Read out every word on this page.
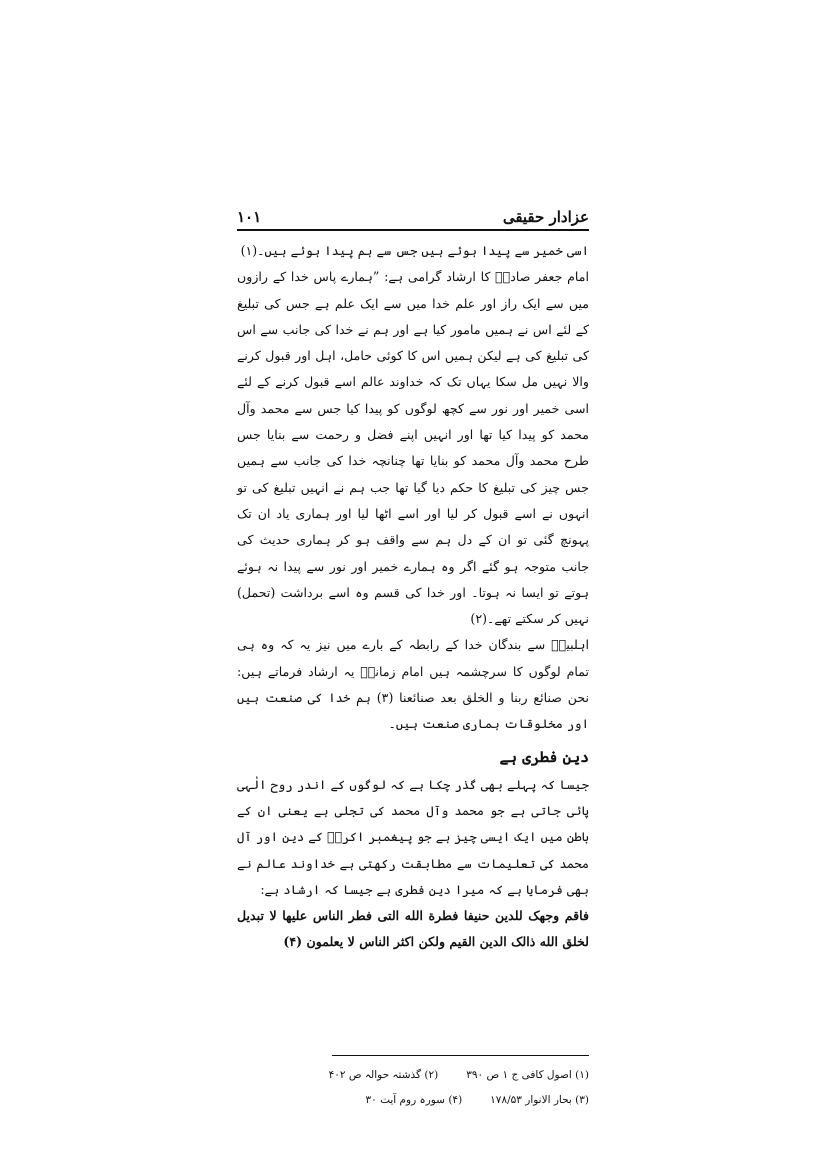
عزادار حقیقی
۱۰۱

اسی خمیر سے پیدا ہوئے ہیں جس سے ہم پیدا ہوئے ہیں۔(۱)

امام جعفر صادقؑ کا ارشاد گرامی ہے: ”ہمارے پاس خدا کے رازوں میں سے ایک راز اور علم خدا میں سے ایک علم ہے جس کی تبلیغ کے لئے اس نے ہمیں مامور کیا ہے اور ہم نے خدا کی جانب سے اس کی تبلیغ کی ہے لیکن ہمیں اس کا کوئی حامل، اہل اور قبول کرنے والا نہیں مل سکا یہاں تک کہ خداوند عالم اسے قبول کرنے کے لئے اسی خمیر اور نور سے کچھ لوگوں کو پیدا کیا جس سے محمد وآل محمد کو پیدا کیا تھا اور انہیں اپنے فضل و رحمت سے بنایا جس طرح محمد وآل محمد کو بنایا تھا چنانچہ خدا کی جانب سے ہمیں جس چیز کی تبلیغ کا حکم دیا گیا تھا جب ہم نے انہیں تبلیغ کی تو انہوں نے اسے قبول کر لیا اور اسے اٹھا لیا اور ہماری یاد ان تک پہونچ گئی تو ان کے دل ہم سے واقف ہو کر ہماری حدیث کی جانب متوجہ ہو گئے اگر وہ ہمارے خمیر اور نور سے پیدا نہ ہوئے ہوتے تو ایسا نہ ہوتا۔ اور خدا کی قسم وہ اسے برداشت (تحمل) نہیں کر سکتے تھے۔(۲)

اہلبیتؑ سے بندگان خدا کے رابطہ کے بارے میں نیز یہ کہ وہ ہی تمام لوگوں کا سرچشمہ ہیں امام زمانہؑ یہ ارشاد فرماتے ہیں: نحن صنائع ربنا و الخلق بعد صنائعنا (۳) ہم خدا کی صنعت ہیں اور مخلوقات ہماری صنعت ہیں۔

دین فطری ہے

جیسا کہ پہلے بھی گذر چکا ہے کہ لوگوں کے اندر روح الٰہی پائی جاتی ہے جو محمد وآل محمد کی تجلی ہے یعنی ان کے باطن میں ایک ایسی چیز ہے جو پیغمبر اکرمؐ کے دین اور آل محمد کی تعلیمات سے مطابقت رکھتی ہے خداوند عالم نے بھی فرمایا ہے کہ میرا دین فطری ہے جیسا کہ ارشاد ہے:

فاقم وجهک للدین حنیفا فطرة الله التی فطر الناس علیها لا تبدیل لخلق الله ذالک الدین القیم ولکن اکثر الناس لا یعلمون (۴)

(۱) اصول کافی ج ۱ ص ۳۹۰
(۲) گذشتہ حوالہ ص ۴۰۲
(۳) بحار الانوار ۱۷۸/۵۳
(۴) سورہ روم آیت ۳۰
